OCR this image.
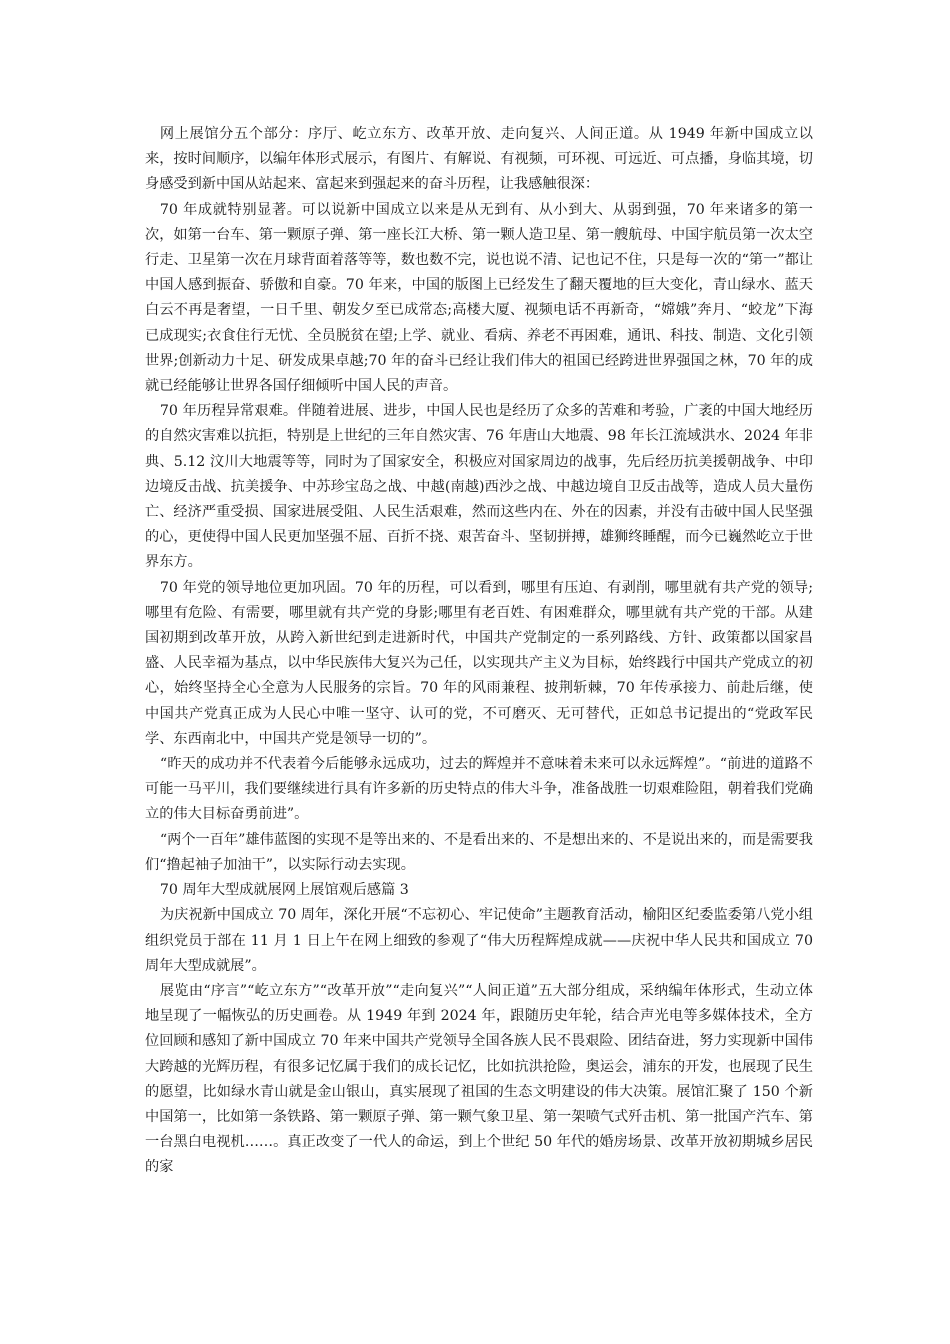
网上展馆分五个部分：序厅、屹立东方、改革开放、走向复兴、人间正道。从 1949 年新中国成立以来，按时间顺序，以编年体形式展示，有图片、有解说、有视频，可环视、可远近、可点播，身临其境，切身感受到新中国从站起来、富起来到强起来的奋斗历程，让我感触很深：

70 年成就特别显著。可以说新中国成立以来是从无到有、从小到大、从弱到强，70 年来诸多的第一次，如第一台车、第一颗原子弹、第一座长江大桥、第一颗人造卫星、第一艘航母、中国宇航员第一次太空行走、卫星第一次在月球背面着落等等，数也数不完，说也说不清、记也记不住，只是每一次的“第一”都让中国人感到振奋、骄傲和自豪。70 年来，中国的版图上已经发生了翻天覆地的巨大变化，青山绿水、蓝天白云不再是奢望，一日千里、朝发夕至已成常态;高楼大厦、视频电话不再新奇，“嫦娥”奔月、“蛟龙”下海已成现实;衣食住行无忧、全员脱贫在望;上学、就业、看病、养老不再困难，通讯、科技、制造、文化引领世界;创新动力十足、研发成果卓越;70 年的奋斗已经让我们伟大的祖国已经跨进世界强国之林，70 年的成就已经能够让世界各国仔细倾听中国人民的声音。

70 年历程异常艰难。伴随着进展、进步，中国人民也是经历了众多的苦难和考验，广袤的中国大地经历的自然灾害难以抗拒，特别是上世纪的三年自然灾害、76 年唐山大地震、98 年长江流域洪水、2024 年非典、5.12 汶川大地震等等，同时为了国家安全，积极应对国家周边的战事，先后经历抗美援朝战争、中印边境反击战、抗美援争、中苏珍宝岛之战、中越(南越)西沙之战、中越边境自卫反击战等，造成人员大量伤亡、经济严重受损、国家进展受阻、人民生活艰难，然而这些内在、外在的因素，并没有击破中国人民坚强的心，更使得中国人民更加坚强不屈、百折不挠、艰苦奋斗、坚韧拼搏，雄狮终睡醒，而今已巍然屹立于世界东方。

70 年党的领导地位更加巩固。70 年的历程，可以看到，哪里有压迫、有剥削，哪里就有共产党的领导;哪里有危险、有需要，哪里就有共产党的身影;哪里有老百姓、有困难群众，哪里就有共产党的干部。从建国初期到改革开放，从跨入新世纪到走进新时代，中国共产党制定的一系列路线、方针、政策都以国家昌盛、人民幸福为基点，以中华民族伟大复兴为己任，以实现共产主义为目标，始终践行中国共产党成立的初心，始终坚持全心全意为人民服务的宗旨。70 年的风雨兼程、披荆斩棘，70 年传承接力、前赴后继，使中国共产党真正成为人民心中唯一坚守、认可的党，不可磨灭、无可替代，正如总书记提出的“党政军民学、东西南北中，中国共产党是领导一切的”。

“昨天的成功并不代表着今后能够永远成功，过去的辉煌并不意味着未来可以永远辉煌”。“前进的道路不可能一马平川，我们要继续进行具有许多新的历史特点的伟大斗争，准备战胜一切艰难险阻，朝着我们党确立的伟大目标奋勇前进”。

“两个一百年”雄伟蓝图的实现不是等出来的、不是看出来的、不是想出来的、不是说出来的，而是需要我们“撸起袖子加油干”，以实际行动去实现。

70 周年大型成就展网上展馆观后感篇 3

为庆祝新中国成立 70 周年，深化开展“不忘初心、牢记使命”主题教育活动，榆阳区纪委监委第八党小组组织党员于部在 11 月 1 日上午在网上细致的参观了“伟大历程辉煌成就——庆祝中华人民共和国成立 70 周年大型成就展”。

展览由“序言”“屹立东方”“改革开放”“走向复兴”“人间正道”五大部分组成，采纳编年体形式，生动立体地呈现了一幅恢弘的历史画卷。从 1949 年到 2024 年，跟随历史年轮，结合声光电等多媒体技术，全方位回顾和感知了新中国成立 70 年来中国共产党领导全国各族人民不畏艰险、团结奋进，努力实现新中国伟大跨越的光辉历程，有很多记忆属于我们的成长记忆，比如抗洪抢险，奥运会，浦东的开发，也展现了民生的愿望，比如绿水青山就是金山银山，真实展现了祖国的生态文明建设的伟大决策。展馆汇聚了 150 个新中国第一，比如第一条铁路、第一颗原子弹、第一颗气象卫星、第一架喷气式歼击机、第一批国产汽车、第一台黑白电视机……。真正改变了一代人的命运，到上个世纪 50 年代的婚房场景、改革开放初期城乡居民的家
